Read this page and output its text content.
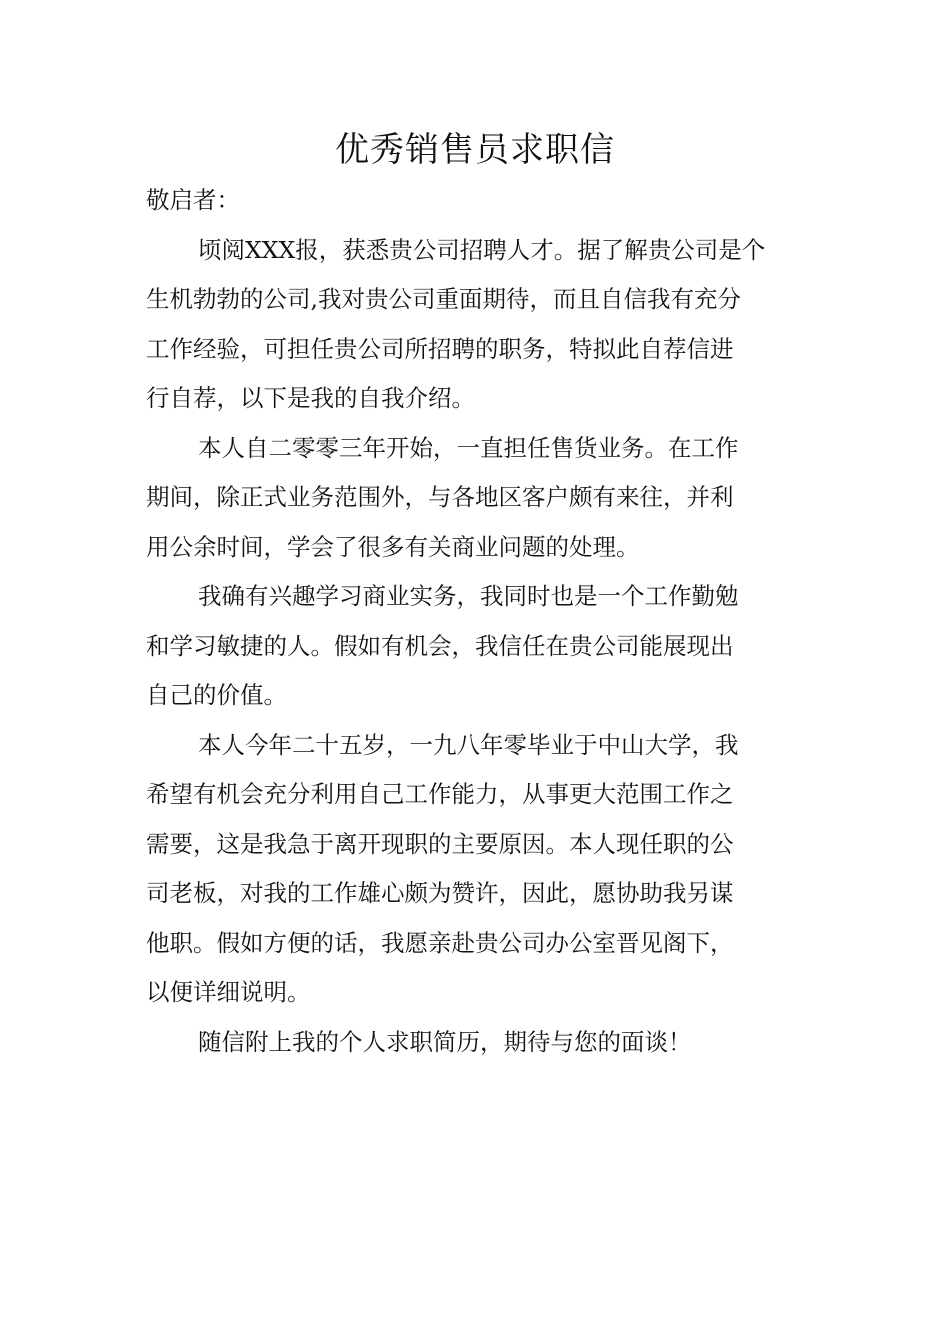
优秀销售员求职信

敬启者：

顷阅XXX报，获悉贵公司招聘人才。据了解贵公司是个
生机勃勃的公司,我对贵公司重面期待，而且自信我有充分
工作经验，可担任贵公司所招聘的职务，特拟此自荐信进
行自荐，以下是我的自我介绍。

本人自二零零三年开始，一直担任售货业务。在工作
期间，除正式业务范围外，与各地区客户颇有来往，并利
用公余时间，学会了很多有关商业问题的处理。

我确有兴趣学习商业实务，我同时也是一个工作勤勉
和学习敏捷的人。假如有机会，我信任在贵公司能展现出
自己的价值。

本人今年二十五岁，一九八年零毕业于中山大学，我
希望有机会充分利用自己工作能力，从事更大范围工作之
需要，这是我急于离开现职的主要原因。本人现任职的公
司老板，对我的工作雄心颇为赞许，因此，愿协助我另谋
他职。假如方便的话，我愿亲赴贵公司办公室晋见阁下，
以便详细说明。

随信附上我的个人求职简历，期待与您的面谈！
